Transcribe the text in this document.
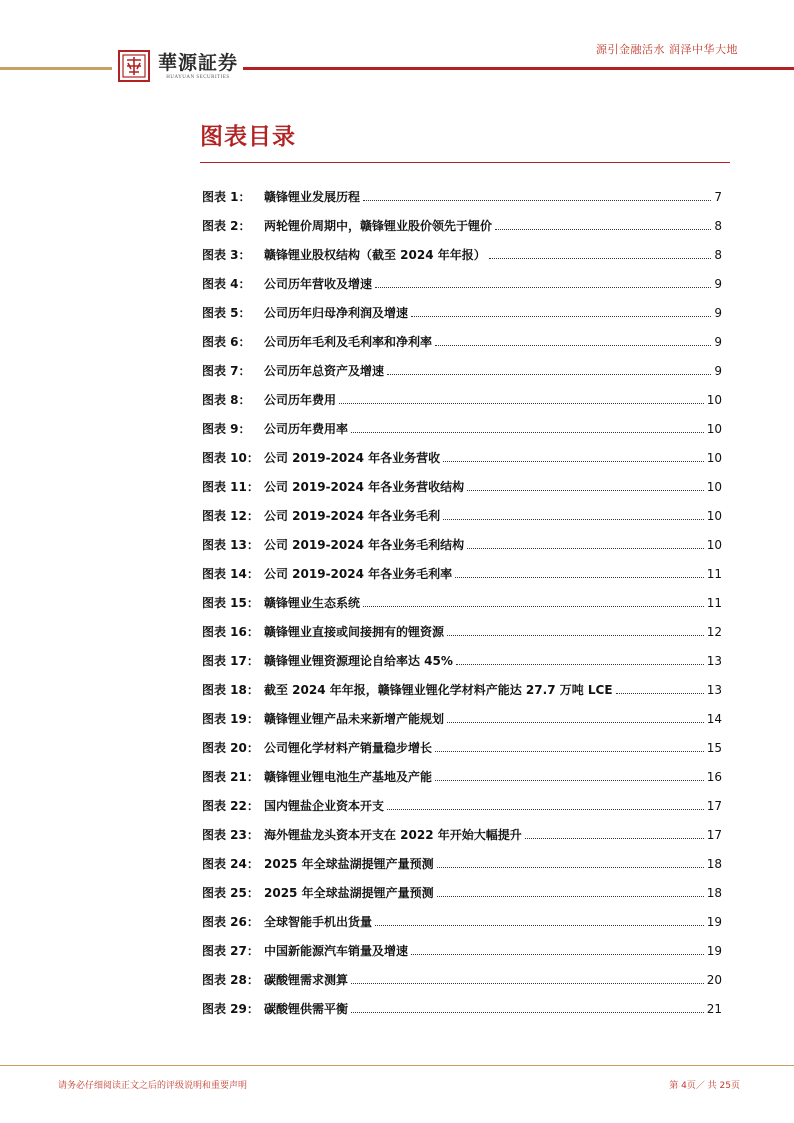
華源証券
HUAYUAN SECURITIES
源引金融活水 润泽中华大地
图表目录
图表 1：	赣锋锂业发展历程	7
图表 2：	两轮锂价周期中，赣锋锂业股价领先于锂价	8
图表 3：	赣锋锂业股权结构（截至 2024 年年报）	8
图表 4：	公司历年营收及增速	9
图表 5：	公司历年归母净利润及增速	9
图表 6：	公司历年毛利及毛利率和净利率	9
图表 7：	公司历年总资产及增速	9
图表 8：	公司历年费用	10
图表 9：	公司历年费用率	10
图表 10： 公司 2019-2024 年各业务营收	10
图表 11： 公司 2019-2024 年各业务营收结构	10
图表 12： 公司 2019-2024 年各业务毛利	10
图表 13： 公司 2019-2024 年各业务毛利结构	10
图表 14： 公司 2019-2024 年各业务毛利率	11
图表 15： 赣锋锂业生态系统	11
图表 16： 赣锋锂业直接或间接拥有的锂资源	12
图表 17： 赣锋锂业锂资源理论自给率达 45%	13
图表 18： 截至 2024 年年报，赣锋锂业锂化学材料产能达 27.7 万吨 LCE	13
图表 19： 赣锋锂业锂产品未来新增产能规划	14
图表 20： 公司锂化学材料产销量稳步增长	15
图表 21： 赣锋锂业锂电池生产基地及产能	16
图表 22： 国内锂盐企业资本开支	17
图表 23： 海外锂盐龙头资本开支在 2022 年开始大幅提升	17
图表 24： 2025 年全球盐湖提锂产量预测	18
图表 25： 2025 年全球盐湖提锂产量预测	18
图表 26： 全球智能手机出货量	19
图表 27： 中国新能源汽车销量及增速	19
图表 28： 碳酸锂需求测算	20
图表 29： 碳酸锂供需平衡	21
请务必仔细阅读正文之后的评级说明和重要声明	第 4页／ 共 25页
